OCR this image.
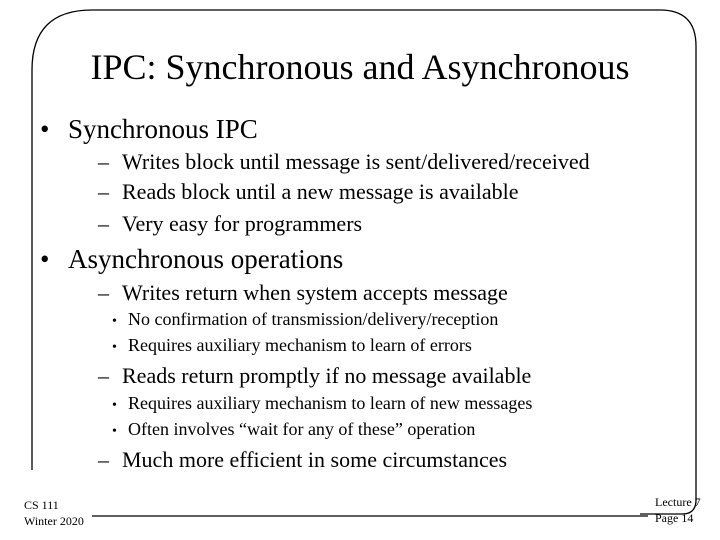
IPC: Synchronous and Asynchronous
• Synchronous IPC
– Writes block until message is sent/delivered/received
– Reads block until a new message is available
– Very easy for programmers
• Asynchronous operations
– Writes return when system accepts message
• No confirmation of transmission/delivery/reception
• Requires auxiliary mechanism to learn of errors
– Reads return promptly if no message available
• Requires auxiliary mechanism to learn of new messages
• Often involves “wait for any of these” operation
– Much more efficient in some circumstances
CS 111
Winter 2020
Lecture 7
Page 14
